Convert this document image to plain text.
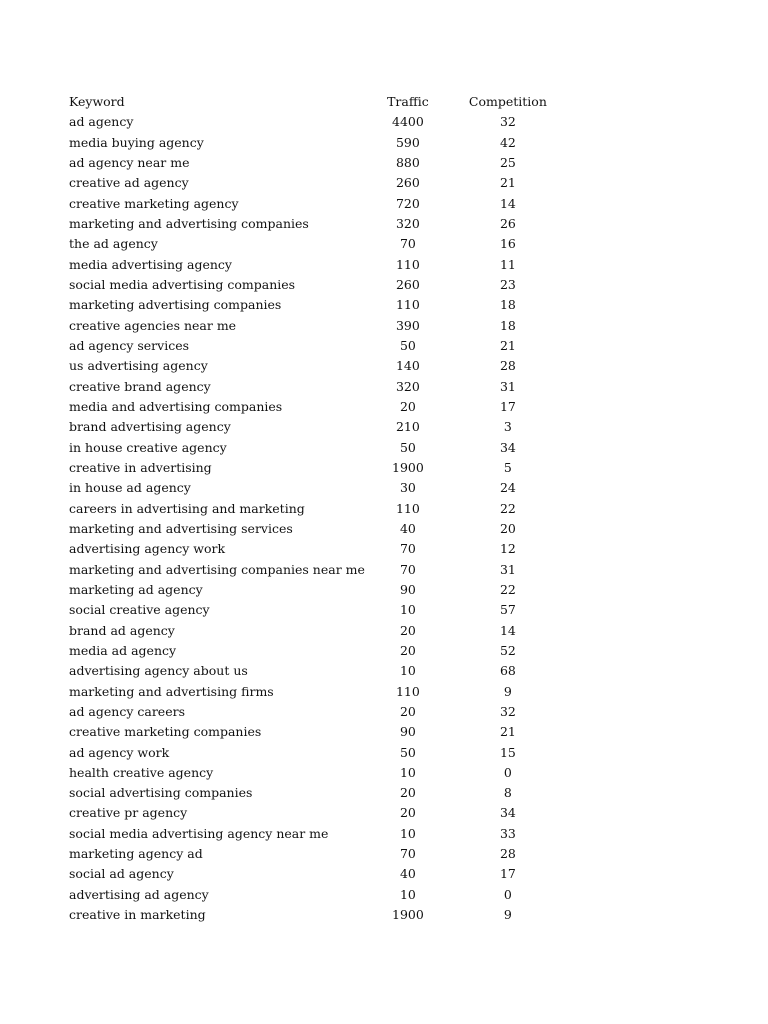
Keyword	Traffic	Competition
ad agency	4400	32
media buying agency	590	42
ad agency near me	880	25
creative ad agency	260	21
creative marketing agency	720	14
marketing and advertising companies	320	26
the ad agency	70	16
media advertising agency	110	11
social media advertising companies	260	23
marketing advertising companies	110	18
creative agencies near me	390	18
ad agency services	50	21
us advertising agency	140	28
creative brand agency	320	31
media and advertising companies	20	17
brand advertising agency	210	3
in house creative agency	50	34
creative in advertising	1900	5
in house ad agency	30	24
careers in advertising and marketing	110	22
marketing and advertising services	40	20
advertising agency work	70	12
marketing and advertising companies near me	70	31
marketing ad agency	90	22
social creative agency	10	57
brand ad agency	20	14
media ad agency	20	52
advertising agency about us	10	68
marketing and advertising firms	110	9
ad agency careers	20	32
creative marketing companies	90	21
ad agency work	50	15
health creative agency	10	0
social advertising companies	20	8
creative pr agency	20	34
social media advertising agency near me	10	33
marketing agency ad	70	28
social ad agency	40	17
advertising ad agency	10	0
creative in marketing	1900	9
